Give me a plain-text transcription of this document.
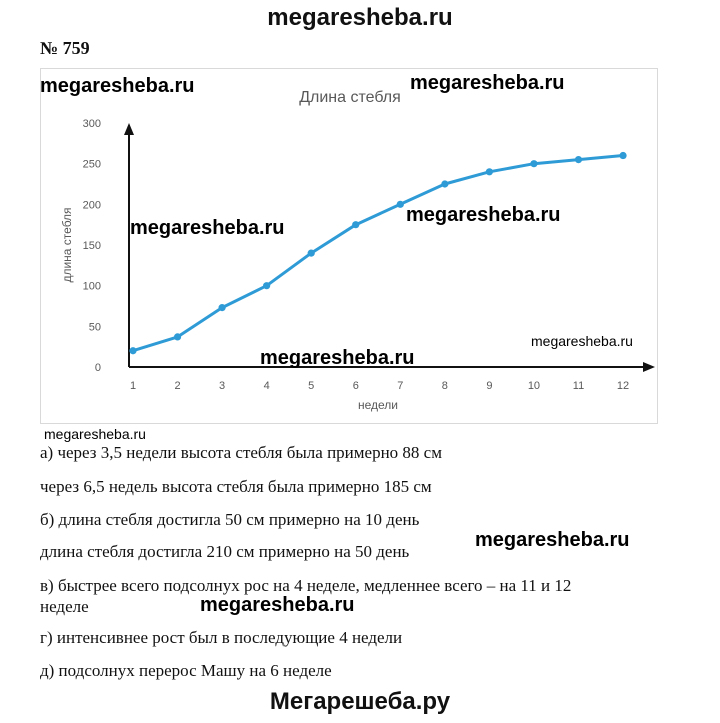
megaresheba.ru
№ 759
0
50
100
150
200
250
300
1	2	3	4	5	6	7	8	9	10	11	12
Длина стебля
недели
длина стебля
megaresheba.ru	megaresheba.ru
megaresheba.ru
megaresheba.ru
megaresheba.ru
megaresheba.ru
megaresheba.ru
а) через 3,5 недели высота стебля была примерно 88 см
через 6,5 недель высота стебля была примерно 185 см
б) длина стебля достигла 50 см примерно на 10 день
длина стебля достигла 210 см примерно на 50 день
megaresheba.ru
в) быстрее всего подсолнух рос на 4 неделе, медленнее всего – на 11 и 12
неделе	megaresheba.ru
г) интенсивнее рост был в последующие 4 недели
д) подсолнух перерос Машу на 6 неделе
Мегарешеба.ру
